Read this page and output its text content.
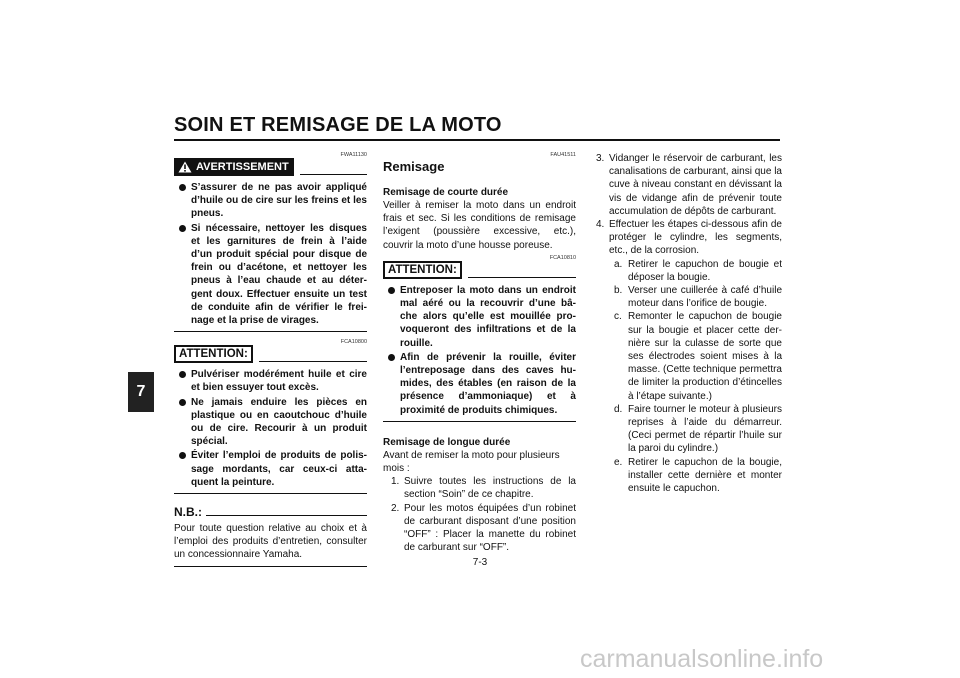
SOIN ET REMISAGE DE LA MOTO
7
FWA11130
AVERTISSEMENT
S’assurer de ne pas avoir appliqué d’huile ou de cire sur les freins et les pneus.
Si nécessaire, nettoyer les disques et les garnitures de frein à l’aide d’un produit spécial pour disque de frein ou d’acétone, et nettoyer les pneus à l’eau chaude et au déter-gent doux. Effectuer ensuite un test de conduite afin de vérifier le frei-nage et la prise de virages.
FCA10800
ATTENTION:
Pulvériser modérément huile et cire et bien essuyer tout excès.
Ne jamais enduire les pièces en plastique ou en caoutchouc d’huile ou de cire. Recourir à un produit spécial.
Éviter l’emploi de produits de polis-sage mordants, car ceux-ci atta-quent la peinture.
N.B.:

Pour toute question relative au choix et à l’emploi des produits d’entretien, consulter un concessionnaire Yamaha.

FAU41511
Remisage
Remisage de courte durée

Veiller à remiser la moto dans un endroit frais et sec. Si les conditions de remisage l’exigent (poussière excessive, etc.), couvrir la moto d’une housse poreuse.

FCA10810
ATTENTION:
Entreposer la moto dans un endroit mal aéré ou la recouvrir d’une bâ-che alors qu’elle est mouillée pro-voqueront des infiltrations et de la rouille.
Afin de prévenir la rouille, éviter l’entreposage dans des caves hu-mides, des étables (en raison de la présence d’ammoniaque) et à proximité de produits chimiques.
Remisage de longue durée

Avant de remiser la moto pour plusieurs mois :

1. Suivre toutes les instructions de la section “Soin” de ce chapitre.
2. Pour les motos équipées d’un robinet de carburant disposant d’une position “OFF” : Placer la manette du robinet de carburant sur “OFF”.
3. Vidanger le réservoir de carburant, les canalisations de carburant, ainsi que la cuve à niveau constant en dévissant la vis de vidange afin de prévenir toute accumulation de dépôts de carburant.
4. Effectuer les étapes ci-dessous afin de protéger le cylindre, les segments, etc., de la corrosion.
a. Retirer le capuchon de bougie et déposer la bougie.
b. Verser une cuillerée à café d’huile moteur dans l’orifice de bougie.
c. Remonter le capuchon de bougie sur la bougie et placer cette der-nière sur la culasse de sorte que ses électrodes soient mises à la masse. (Cette technique permettra de limiter la production d’étincelles à l’étape suivante.)
d. Faire tourner le moteur à plusieurs reprises à l’aide du démarreur. (Ceci permet de répartir l’huile sur la paroi du cylindre.)
e. Retirer le capuchon de la bougie, installer cette dernière et monter ensuite le capuchon.
7-3
carmanualsonline.info
